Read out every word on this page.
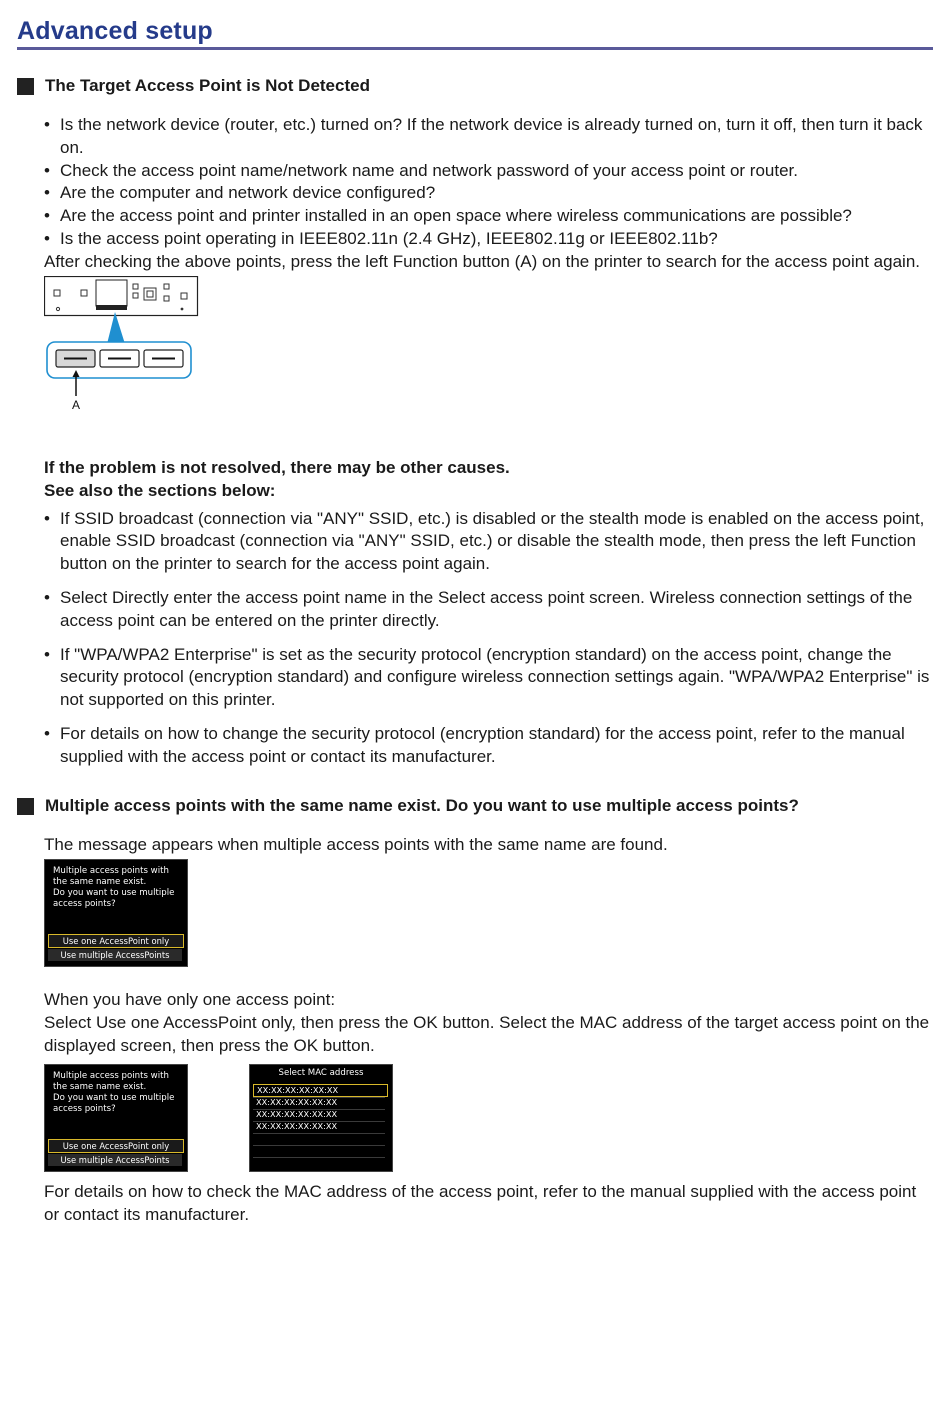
Advanced setup
The Target Access Point is Not Detected
• Is the network device (router, etc.) turned on? If the network device is already turned on, turn it off, then turn it back on.
• Check the access point name/network name and network password of your access point or router.
• Are the computer and network device configured?
• Are the access point and printer installed in an open space where wireless communications are possible?
• Is the access point operating in IEEE802.11n (2.4 GHz), IEEE802.11g or IEEE802.11b?

After checking the above points, press the left Function button (A) on the printer to search for the access point again.

A

If the problem is not resolved, there may be other causes.

See also the sections below:

• If SSID broadcast (connection via "ANY" SSID, etc.) is disabled or the stealth mode is enabled on the access point, enable SSID broadcast (connection via "ANY" SSID, etc.) or disable the stealth mode, then press the left Function button on the printer to search for the access point again.
• Select Directly enter the access point name in the Select access point screen. Wireless connection settings of the access point can be entered on the printer directly.
• If "WPA/WPA2 Enterprise" is set as the security protocol (encryption standard) on the access point, change the security protocol (encryption standard) and configure wireless connection settings again. "WPA/WPA2 Enterprise" is not supported on this printer.
• For details on how to change the security protocol (encryption standard) for the access point, refer to the manual supplied with the access point or contact its manufacturer.
Multiple access points with the same name exist. Do you want to use multiple access points?

The message appears when multiple access points with the same name are found.

Multiple access points with
the same name exist.
Do you want to use multiple
access points?
Use one AccessPoint only
Use multiple AccessPoints

When you have only one access point:

Select Use one AccessPoint only, then press the OK button. Select the MAC address of the target access point on the displayed screen, then press the OK button.

Multiple access points with
the same name exist.
Do you want to use multiple
access points?
Use one AccessPoint only
Use multiple AccessPoints
Select MAC address
XX:XX:XX:XX:XX:XX
XX:XX:XX:XX:XX:XX
XX:XX:XX:XX:XX:XX
XX:XX:XX:XX:XX:XX

For details on how to check the MAC address of the access point, refer to the manual supplied with the access point or contact its manufacturer.
